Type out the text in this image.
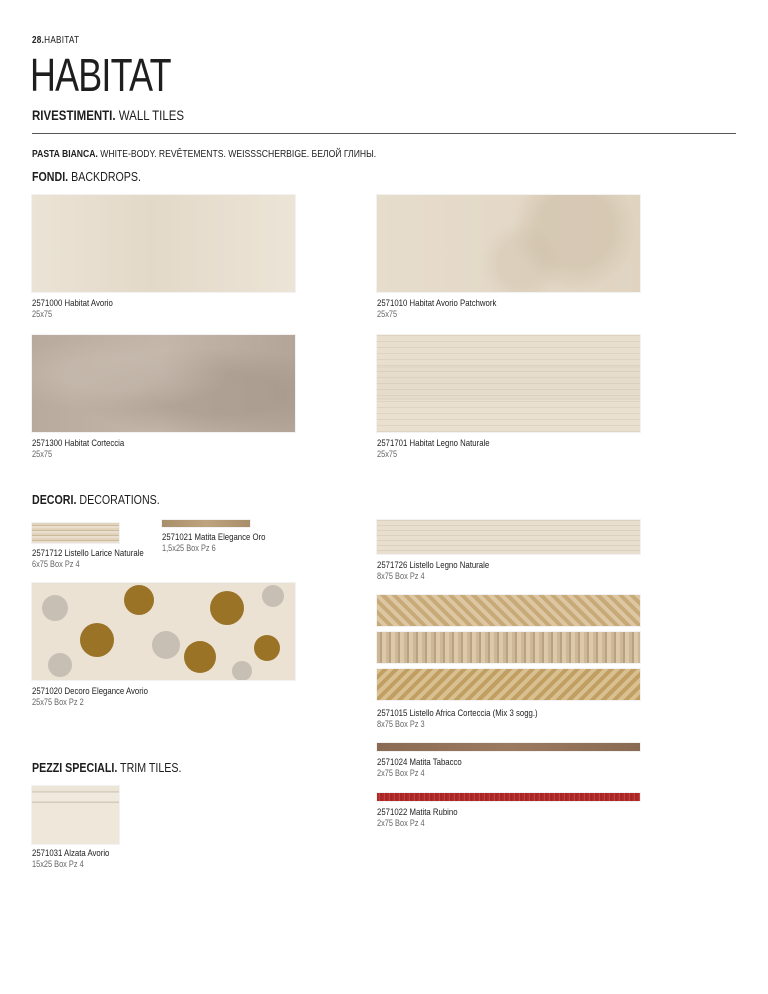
28.HABITAT
HABITAT
RIVESTIMENTI. WALL TILES
PASTA BIANCA. WHITE-BODY. REVÊTEMENTS. WEISSSCHERBIGE. БЕЛОЙ ГЛИНЫ.
FONDI. BACKDROPS.
2571000 Habitat Avorio
25x75
2571010 Habitat Avorio Patchwork
25x75
2571300 Habitat Corteccia
25x75
2571701 Habitat Legno Naturale
25x75
DECORI. DECORATIONS.
2571712 Listello Larice Naturale
6x75 Box Pz 4
2571021 Matita Elegance Oro
1,5x25 Box Pz 6
2571726 Listello Legno Naturale
8x75 Box Pz 4
2571020 Decoro Elegance Avorio
25x75 Box Pz 2
2571015 Listello Africa Corteccia (Mix 3 sogg.)
8x75 Box Pz 3
PEZZI SPECIALI. TRIM TILES.	2571024 Matita Tabacco
2x75 Box Pz 4
2571031 Alzata Avorio
15x25 Box Pz 4
2571022 Matita Rubino
2x75 Box Pz 4
